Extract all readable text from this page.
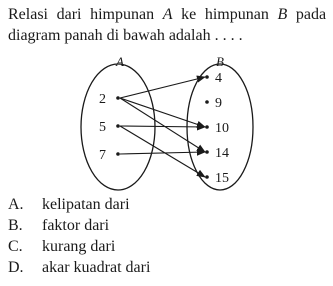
Relasi dari himpunan A ke himpunan B pada diagram panah di bawah adalah . . . .

A	B
2
5
7
4
9
10
14
15
A.	kelipatan dari
B.	faktor dari
C.	kurang dari
D.	akar kuadrat dari
